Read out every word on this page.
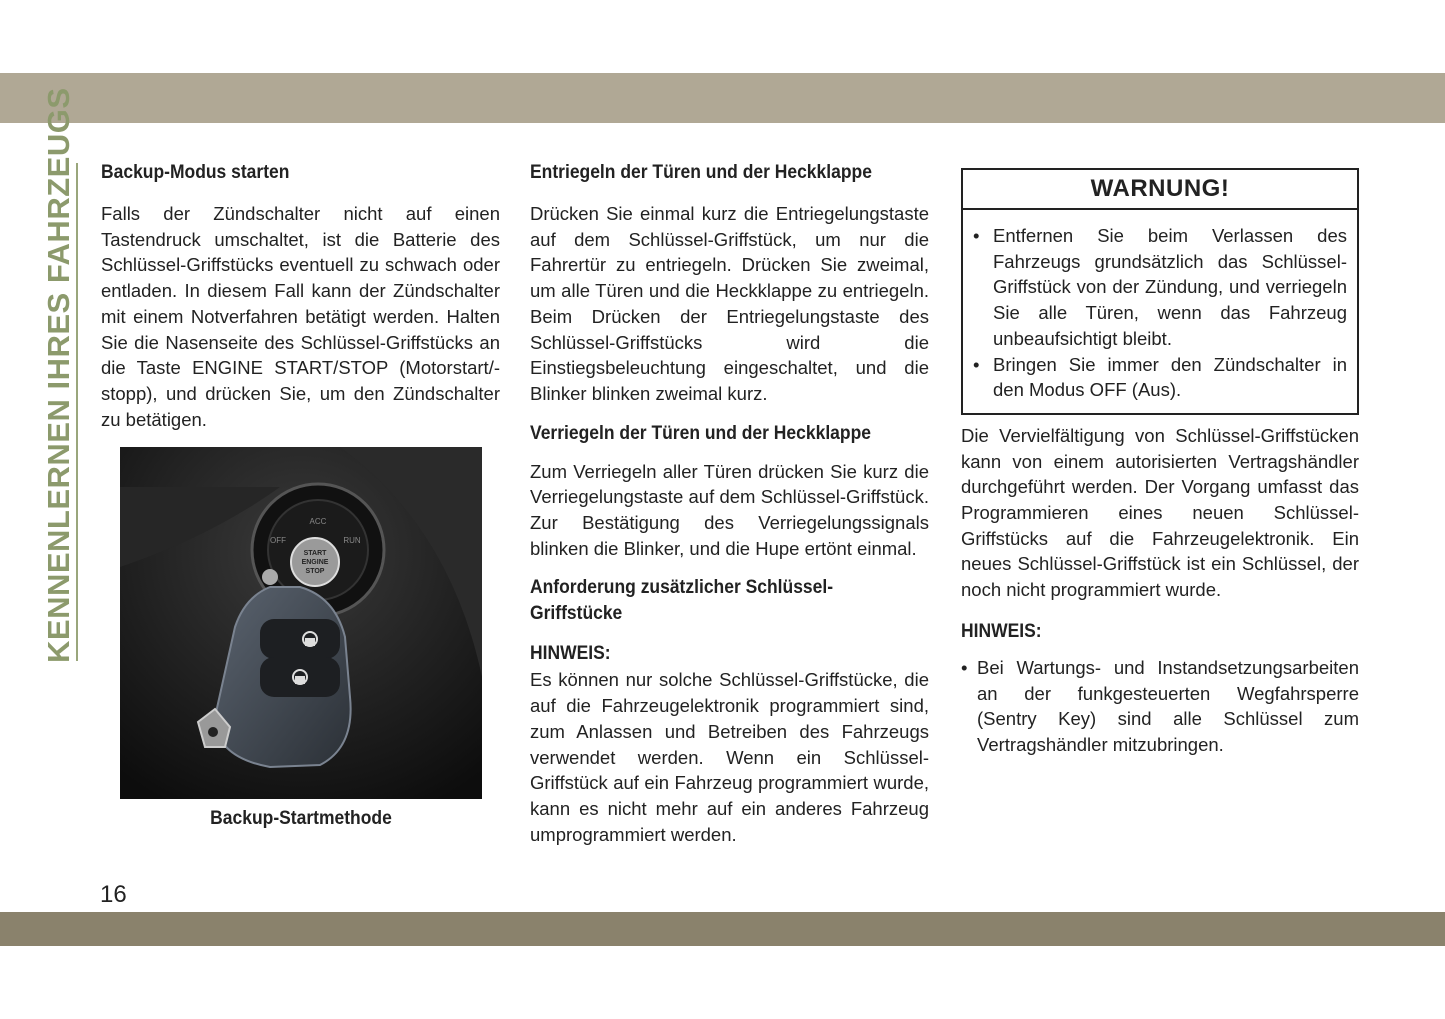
KENNENLERNEN IHRES FAHRZEUGS Backup-Modus starten

Falls der Zündschalter nicht auf einen Tastendruck umschaltet, ist die Batterie des Schlüssel-Griffstücks eventuell zu schwach oder entladen. In diesem Fall kann der Zündschalter mit einem Notverfahren betätigt werden. Halten Sie die Nasenseite des Schlüssel-Griffstücks an die Taste ENGINE START/STOP (Motorstart/-stopp), und drücken Sie, um den Zündschalter zu betätigen.

ACC
RUN
OFF
START
ENGINE
STOP
Backup-Startmethode
Entriegeln der Türen und der Heckklappe

Drücken Sie einmal kurz die Entriegelungstaste auf dem Schlüssel-Griffstück, um nur die Fahrertür zu entriegeln. Drücken Sie zweimal, um alle Türen und die Heckklappe zu entriegeln. Beim Drücken der Entriegelungstaste des Schlüssel-Griffstücks wird die Einstiegsbeleuchtung eingeschaltet, und die Blinker blinken zweimal kurz.

Verriegeln der Türen und der Heckklappe

Zum Verriegeln aller Türen drücken Sie kurz die Verriegelungstaste auf dem Schlüssel-Griffstück. Zur Bestätigung des Verriegelungssignals blinken die Blinker, und die Hupe ertönt einmal.

Anforderung zusätzlicher Schlüssel-Griffstücke
HINWEIS:

Es können nur solche Schlüssel-Griffstücke, die auf die Fahrzeugelektronik programmiert sind, zum Anlassen und Betreiben des Fahrzeugs verwendet werden. Wenn ein Schlüssel-Griffstück auf ein Fahrzeug programmiert wurde, kann es nicht mehr auf ein anderes Fahrzeug umprogrammiert werden.

WARNUNG!
• Entfernen Sie beim Verlassen des Fahrzeugs grundsätzlich das Schlüssel-Griffstück von der Zündung, und verriegeln Sie alle Türen, wenn das Fahrzeug unbeaufsichtigt bleibt.

• Bringen Sie immer den Zündschalter in den Modus OFF (Aus).

Die Vervielfältigung von Schlüssel-Griffstücken kann von einem autorisierten Vertragshändler durchgeführt werden. Der Vorgang umfasst das Programmieren eines neuen Schlüssel-Griffstücks auf die Fahrzeugelektronik. Ein neues Schlüssel-Griffstück ist ein Schlüssel, der noch nicht programmiert wurde.

HINWEIS:
• Bei Wartungs- und Instandsetzungsarbeiten an der funkgesteuerten Wegfahrsperre (Sentry Key) sind alle Schlüssel zum Vertragshändler mitzubringen.

16
